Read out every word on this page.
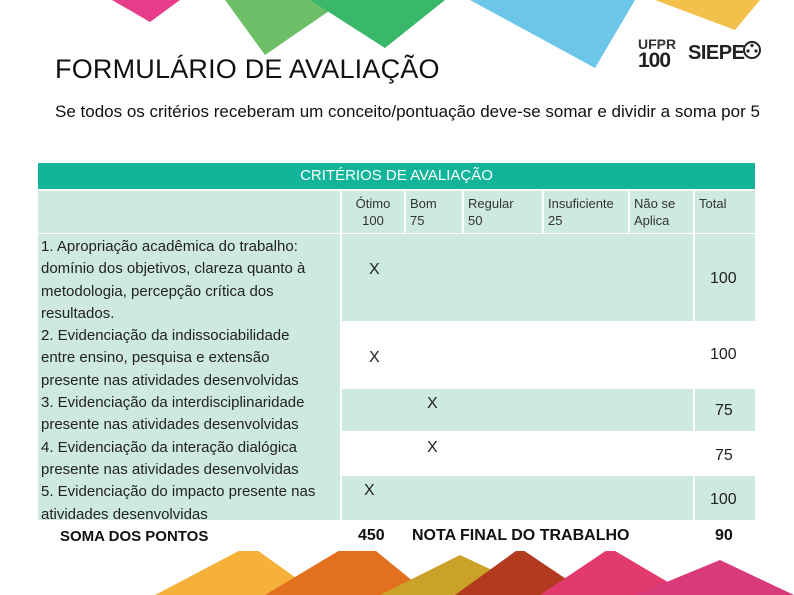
FORMULÁRIO DE AVALIAÇÃO
UFPR
100 SIEPE
Se todos os critérios receberam um conceito/pontuação deve-se somar e dividir a soma por 5
CRITÉRIOS DE AVALIAÇÃO
Ótimo
100
Bom
75
Regular
50
Insuficiente
25
Não se
Aplica
Total
1. Apropriação acadêmica do trabalho:
domínio dos objetivos, clareza quanto à
metodologia, percepção crítica dos
resultados.
2. Evidenciação da indissociabilidade
entre ensino, pesquisa e extensão
presente nas atividades desenvolvidas
3. Evidenciação da interdisciplinaridade
presente nas atividades desenvolvidas
4. Evidenciação da interação dialógica
presente nas atividades desenvolvidas
5. Evidenciação do impacto presente nas
atividades desenvolvidas
X
X
X
X
X
100
100
75
75
100
SOMA DOS PONTOS	450 NOTA FINAL DO TRABALHO	90
